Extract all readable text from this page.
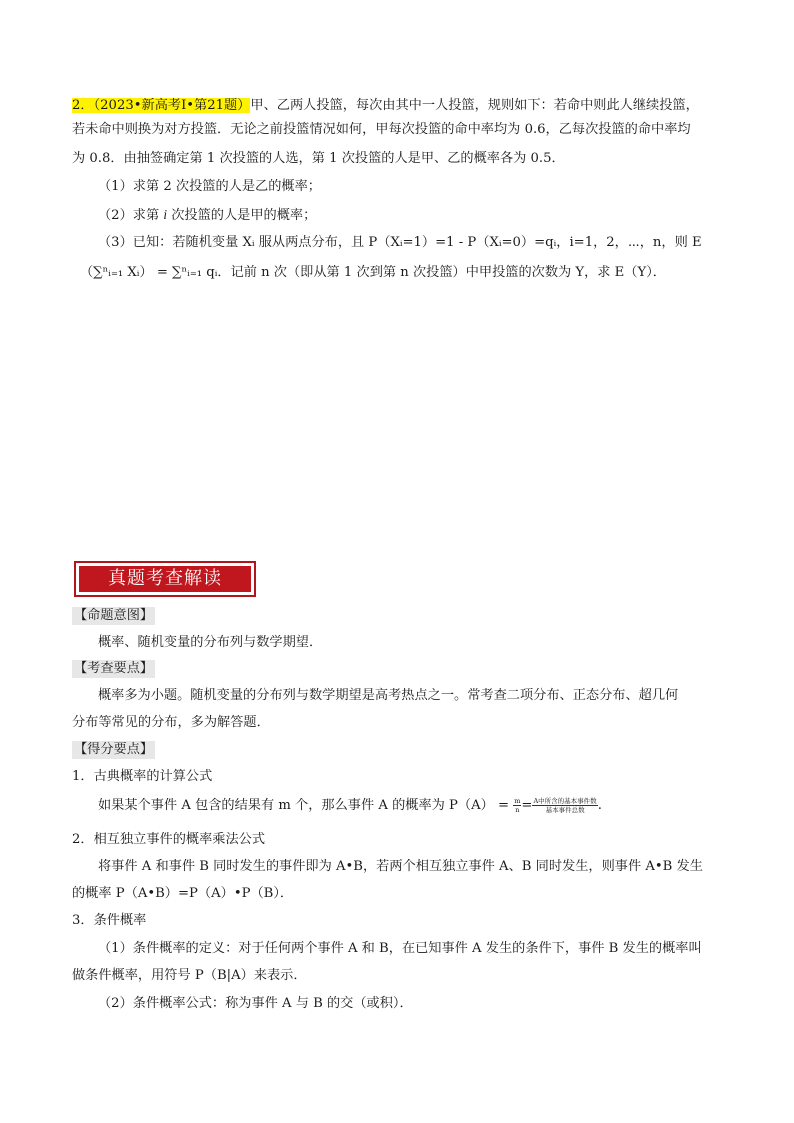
2．（2023•新高考Ⅰ•第21题）甲、乙两人投篮，每次由其中一人投篮，规则如下：若命中则此人继续投篮，
若未命中则换为对方投篮．无论之前投篮情况如何，甲每次投篮的命中率均为 0.6，乙每次投篮的命中率均
为 0.8．由抽签确定第 1 次投篮的人选，第 1 次投篮的人是甲、乙的概率各为 0.5．
（1）求第 2 次投篮的人是乙的概率；
（2）求第 i 次投篮的人是甲的概率；
（3）已知：若随机变量 Xᵢ 服从两点分布，且 P（Xᵢ=1）=1 - P（Xᵢ=0）=qᵢ，i=1，2，⋯，n，则 E
（∑ⁿᵢ₌₁ Xᵢ） = ∑ⁿᵢ₌₁ qᵢ．记前 n 次（即从第 1 次到第 n 次投篮）中甲投篮的次数为 Y，求 E（Y）．
真题考查解读
【命题意图】
概率、随机变量的分布列与数学期望．
【考查要点】
概率多为小题。随机变量的分布列与数学期望是高考热点之一。常考查二项分布、正态分布、超几何
分布等常见的分布，多为解答题．
【得分要点】
1．古典概率的计算公式
如果某个事件 A 包含的结果有 m 个，那么事件 A 的概率为 $P(A) = \frac{m}{n} = \frac{\text{A中所含的基本事件数}}{\text{基本事件总数}}$ .
2．相互独立事件的概率乘法公式
将事件 A 和事件 B 同时发生的事件即为 A•B，若两个相互独立事件 A、B 同时发生，则事件 A•B 发生
的概率 P（A•B）=P（A）•P（B）．
3．条件概率
（1）条件概率的定义：对于任何两个事件 A 和 B，在已知事件 A 发生的条件下，事件 B 发生的概率叫
做条件概率，用符号 P（B|A）来表示．
（2）条件概率公式：称为事件 A 与 B 的交（或积）．
